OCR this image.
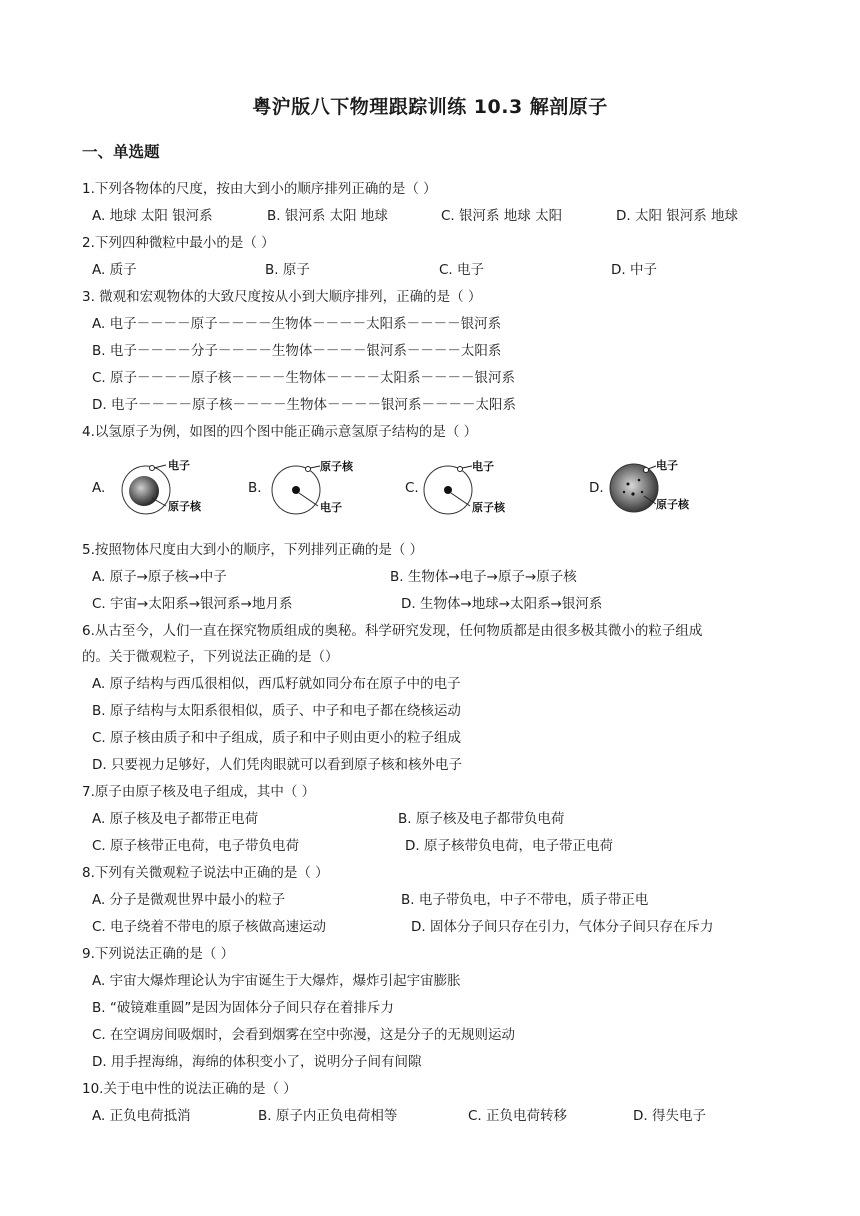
粤沪版八下物理跟踪训练 10.3 解剖原子
一、单选题
1.下列各物体的尺度，按由大到小的顺序排列正确的是（ ）
A. 地球 太阳 银河系	B. 银河系 太阳 地球	C. 银河系 地球 太阳	D. 太阳 银河系 地球
2.下列四种微粒中最小的是（ ）
A. 质子	B. 原子	C. 电子	D. 中子
3. 微观和宏观物体的大致尺度按从小到大顺序排列，正确的是（ ）
A. 电子－－－－原子－－－－生物体－－－－太阳系－－－－银河系
B. 电子－－－－分子－－－－生物体－－－－银河系－－－－太阳系
C. 原子－－－－原子核－－－－生物体－－－－太阳系－－－－银河系
D. 电子－－－－原子核－－－－生物体－－－－银河系－－－－太阳系
4.以氢原子为例，如图的四个图中能正确示意氢原子结构的是（ ）
A.
电子
原子核
B.
原子核
电子
C.
电子
原子核
D.
电子
原子核
5.按照物体尺度由大到小的顺序，下列排列正确的是（ ）
A. 原子→原子核→中子	B. 生物体→电子→原子→原子核
C. 宇宙→太阳系→银河系→地月系	D. 生物体→地球→太阳系→银河系
6.从古至今，人们一直在探究物质组成的奥秘。科学研究发现，任何物质都是由很多极其微小的粒子组成
的。关于微观粒子，下列说法正确的是（）
A. 原子结构与西瓜很相似，西瓜籽就如同分布在原子中的电子
B. 原子结构与太阳系很相似，质子、中子和电子都在绕核运动
C. 原子核由质子和中子组成，质子和中子则由更小的粒子组成
D. 只要视力足够好，人们凭肉眼就可以看到原子核和核外电子
7.原子由原子核及电子组成，其中（ ）
A. 原子核及电子都带正电荷	B. 原子核及电子都带负电荷
C. 原子核带正电荷，电子带负电荷	D. 原子核带负电荷，电子带正电荷
8.下列有关微观粒子说法中正确的是（ ）
A. 分子是微观世界中最小的粒子	B. 电子带负电，中子不带电，质子带正电
C. 电子绕着不带电的原子核做高速运动	D. 固体分子间只存在引力，气体分子间只存在斥力
9.下列说法正确的是（ ）
A. 宇宙大爆炸理论认为宇宙诞生于大爆炸，爆炸引起宇宙膨胀
B. “破镜难重圆”是因为固体分子间只存在着排斥力
C. 在空调房间吸烟时，会看到烟雾在空中弥漫，这是分子的无规则运动
D. 用手捏海绵，海绵的体积变小了，说明分子间有间隙
10.关于电中性的说法正确的是（ ）
A. 正负电荷抵消	B. 原子内正负电荷相等	C. 正负电荷转移	D. 得失电子
